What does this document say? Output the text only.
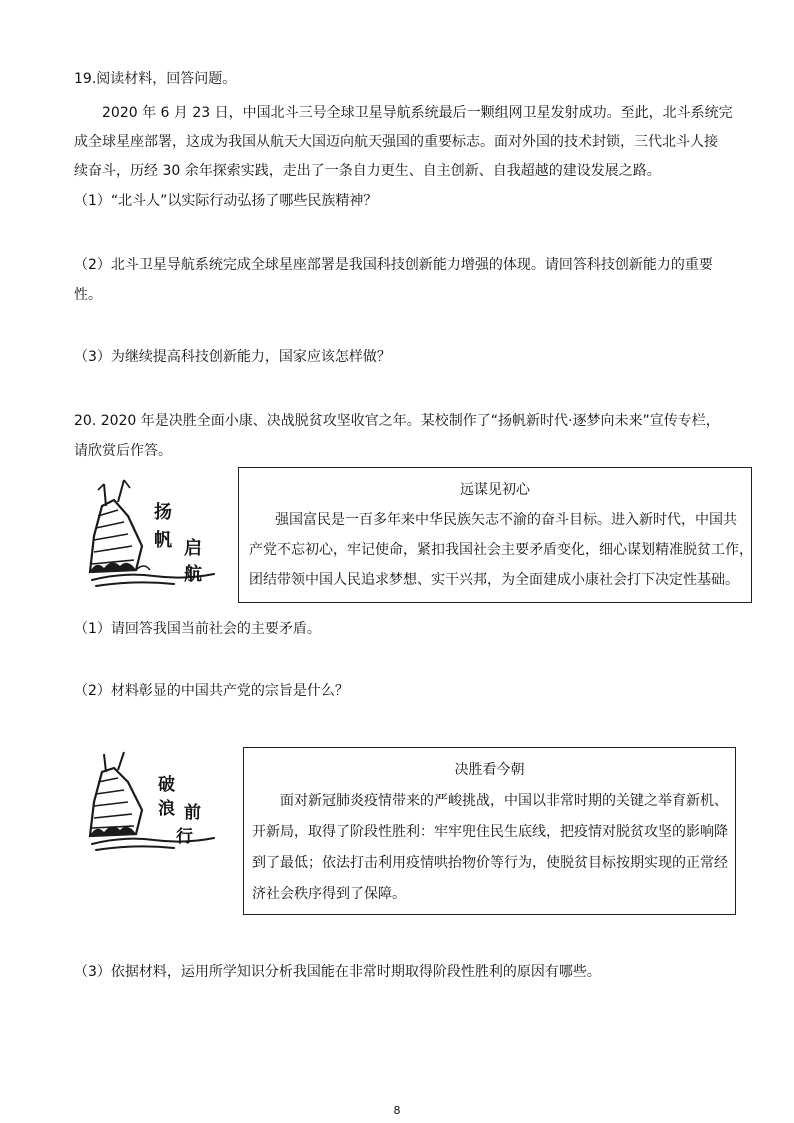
19.阅读材料，回答问题。
2020 年 6 月 23 日，中国北斗三号全球卫星导航系统最后一颗组网卫星发射成功。至此，北斗系统完
成全球星座部署，这成为我国从航天大国迈向航天强国的重要标志。面对外国的技术封锁，三代北斗人接
续奋斗，历经 30 余年探索实践，走出了一条自力更生、自主创新、自我超越的建设发展之路。
（1）“北斗人”以实际行动弘扬了哪些民族精神？
（2）北斗卫星导航系统完成全球星座部署是我国科技创新能力增强的体现。请回答科技创新能力的重要
性。
（3）为继续提高科技创新能力，国家应该怎样做？
20. 2020 年是决胜全面小康、决战脱贫攻坚收官之年。某校制作了“扬帆新时代·逐梦向未来”宣传专栏，
请欣赏后作答。
扬
帆 启
航
远谋见初心
强国富民是一百多年来中华民族矢志不渝的奋斗目标。进入新时代，中国共
产党不忘初心，牢记使命，紧扣我国社会主要矛盾变化，细心谋划精准脱贫工作，
团结带领中国人民追求梦想、实干兴邦，为全面建成小康社会打下决定性基础。
（1）请回答我国当前社会的主要矛盾。
（2）材料彰显的中国共产党的宗旨是什么？
破
浪 前
行
决胜看今朝
面对新冠肺炎疫情带来的严峻挑战，中国以非常时期的关键之举育新机、
开新局，取得了阶段性胜利：牢牢兜住民生底线，把疫情对脱贫攻坚的影响降
到了最低；依法打击利用疫情哄抬物价等行为，使脱贫目标按期实现的正常经
济社会秩序得到了保障。
（3）依据材料，运用所学知识分析我国能在非常时期取得阶段性胜利的原因有哪些。
8
